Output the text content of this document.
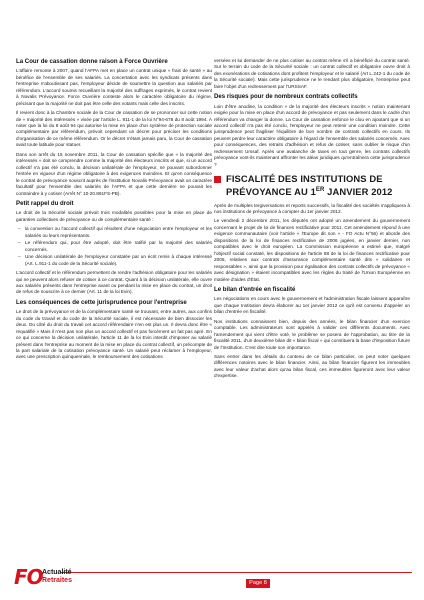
La Cour de cassation donne raison à Force Ouvrière

L'affaire remonte à 2007, quand l'AFPA met en place un contrat unique « frais de santé » au bénéfice de l'ensemble de ses salariés. La concertation avec les syndicats présents dans l'entreprise n'aboutissant pas, l'employeur décide de soumettre la question aux salariés par référendum. L'accord soumis recueillant la majorité des suffrages exprimés, le contrat revient à Novalis Prévoyance. Force Ouvrière conteste alors le caractère obligatoire du régime, précisant que la majorité ne doit pas être celle des votants mais celle des inscrits.

Il revient donc à la Chambre sociale de la Cour de cassation de se prononcer sur cette notion de « majorité des intéressés » visée par l'article L. 911-1 de la loi N°94-678 du 8 août 1994. A noter que la loi du 8 août 94 qui autorise la mise en place d'un système de protection sociale complémentaire par référendum, prévoit cependant un décret pour préciser les conditions d'organisation de ce même référendum. Or le décret n'étant jamais paru, la Cour de cassation avait toute latitude pour statuer.

Dans son arrêt du 15 novembre 2011, la Cour de cassation spécifie que « la majorité des intéressés » doit se comprendre comme la majorité des électeurs inscrits et que, si un accord collectif n'a pas été conclu, la décision unilatérale de l'employeur, ne pouvant subordonner l'entrée en vigueur d'un régime obligatoire à des exigences moindres. Et qu'en conséquence le contrat de prévoyance souscrit auprès de l'institution Novalis Prévoyance avait un caractère facultatif pour l'ensemble des salariés de l'AFPA et que cette dernière ne pouvait les contraindre à y cotiser (Arrêt N° 10-20.891FS-PB).

Petit rappel du droit

Le droit de la Sécurité sociale prévoit trois modalités possibles pour la mise en place de garanties collectives de prévoyance ou de complémentaire santé :

– la convention ou l'accord collectif qui résultent d'une négociation entre l'employeur et les salariés ou leurs représentants.
– Le référendum qui, pour être adopté, doit être ratifié par la majorité des salariés concernés.
– Une décision unilatérale de l'employeur constatée par un écrit remis à chaque intéressé (Art. L.911-1 du code de la Sécurité sociale).

L'accord collectif et le référendum permettent de rendre l'adhésion obligatoire pour les salariés qui ne peuvent alors refuser de cotiser à ce contrat. Quant à la décision unilatérale, elle ouvre aux salariés présents dans l'entreprise avant ou pendant la mise en place du contrat, un droit de refus de souscrire à ce dernier (Art. 11 de la loi Evin).

Les conséquences de cette jurisprudence pour l'entreprise

Le droit de la prévoyance et de la complémentaire santé se trouvant, entre autres, aux confins du code du travail et du code de la Sécurité sociale, il est nécessaire de bien dissocier les deux. Du côté du droit du travail cet accord référendaire n'en est plus un. Il devra donc être « requalifié » Mais il n'est pas non plus un accord collectif et pas forcément un fait pas aprè. En ce qui concerne la décision unilatérale, l'article 11 de la loi Evin interdit d'imposer au salarié présent dans l'entreprise au moment de la mise en place du contrat collectif, un précompte de la part salariale de la cotisation prévoyance santé. Un salarié peut réclamer à l'employeur, avec une prescription quinquennale, le remboursement des cotisations

versées et lui demander de ne plus cotiser au contrat même s'il a bénéficié du contrat santé. Sur le terrain du code de la Sécurité sociale : un contrat collectif et obligatoire ouvre droit à des exonérations de cotisations dont profitent l'employeur et le salarié (Art L.242-1 du code de la Sécurité sociale). Mais cette jurisprudence ne le rendant plus obligatoire, l'entreprise peut faire l'objet d'un redressement par l'URSSAF.

Des risques pour de nombreux contrats collectifs

Loin d'être anodine, la condition « de la majorité des électeurs inscrits » notion maintenant exigée pour la mise en place d'un accord de prévoyance et pas seulement dans le cadre d'un référendum va changer la donne. La Cour de cassation enfonce le clou en ajoutant que si un accord collectif n'a pas été conclu, l'employeur ne peut retenir une condition moindre. Cette jurisprudence peut fragiliser l'équilibre de bon nombre de contrats collectifs en cours. Ils peuvent perdre leur caractère obligatoire à l'égard de l'ensemble des salariés concernés. Avec pour conséquences, des retraits d'adhésion et refus de cotiser, sans oublier le risque d'un redressement Urssaf. Après une avalanche de taxes en tout genre, les contrats collectifs prévoyance vont-ils maintenant affronter les aléas juridiques qu'entraînera cette jurisprudence ?

FISCALITÉ DES INSTITUTIONS DE
PRÉVOYANCE AU 1ER JANVIER 2012

Après de multiples tergiversations et reports successifs, la fiscalité des sociétés s'appliquera à nos institutions de prévoyance à compter du 1er janvier 2012.

Le vendredi 2 décembre 2011, les députés ont adopté un amendement du gouvernement concernant le projet de loi de finances rectificative pour 2011. Cet amendement répond à une exigence communautaire (voir l'article « l'Europe dit non » - FO Actu N°56) et aborde des dispositions de la loi de finances rectificative de 2006 jugées, en janvier dernier, non compatibles avec le droit européen. La Commission européenne a estimé que, malgré l'objectif social constaté, les dispositions de l'article 88 de la loi de finances rectificative pour 2006, relatives aux contrats d'assurance complémentaire santé dits « solidaires et responsables », ainsi que la provision pour égalisation des contrats collectifs de prévoyance « avec désignation » étaient incompatibles avec les règles du traité de l'Union Européenne en matière d'aides d'État.

Le bilan d'entrée en fiscalité

Les négociations en cours avec le gouvernement et l'administration fiscale laissent apparaître que chaque Institution devra élaborer au 1er janvier 2012 ce qu'il est convenu d'appeler un bilan d'entrée en fiscalité.

Nos institutions connaissent bien, depuis des années, le bilan financier d'un exercice comptable. Les administrateurs sont appelés à valider ces différents documents. Avec l'amendement qui vient d'être voté, le problème se posera de l'approbation, au titre de la fiscalité 2011, d'un deuxième bilan dit « bilan fiscal » qui constituera la base d'imposition future de l'Institution. C'est dire toute son importance.

Sans entrer dans les détails du contenu de ce bilan particulier, on peut noter quelques différences notoires avec le bilan financier. Ainsi, au bilan financier figurent les immeubles avec leur valeur d'achat alors qu'au bilan fiscal, ces immeubles figureront avec leur valeur d'expertise.

FO Actualité
Retraites	Page 8
